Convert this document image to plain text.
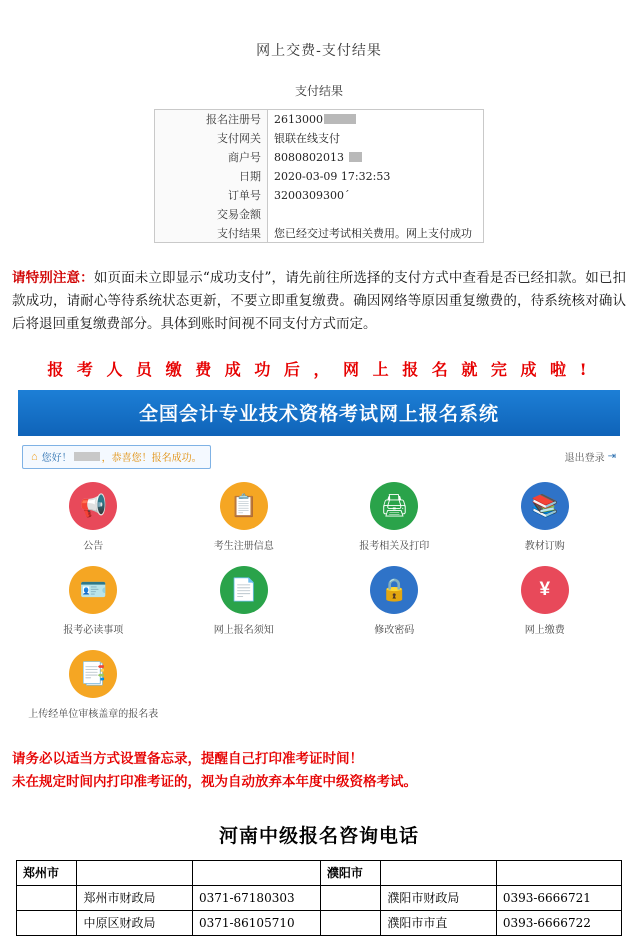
网上交费-支付结果
支付结果
报名注册号	2613000
支付网关	银联在线支付
商户号	8080802013
日期	2020-03-09 17:32:53
订单号	3200309300´
交易金额	
支付结果	您已经交过考试相关费用。网上支付成功

请特别注意：如页面未立即显示“成功支付”，请先前往所选择的支付方式中查看是否已经扣款。如已扣款成功，请耐心等待系统状态更新，不要立即重复缴费。确因网络等原因重复缴费的，待系统核对确认后将退回重复缴费部分。具体到账时间视不同支付方式而定。

报 考 人 员 缴 费 成 功 后 ， 网 上 报 名 就 完 成 啦 !
全国会计专业技术资格考试网上报名系统
⌂ 您好！	，恭喜您！报名成功。	退出登录 ⇥
📢
公告
📋
考生注册信息
🖨
报考相关及打印
📚
教材订购
🪪
报考必读事项
📄
网上报名须知
🔒
修改密码
¥
网上缴费
📑
上传经单位审核盖章的报名表
请务必以适当方式设置备忘录，提醒自己打印准考证时间！
未在规定时间内打印准考证的，视为自动放弃本年度中级资格考试。
河南中级报名咨询电话
郑州市			濮阳市		
	郑州市财政局	0371-67180303		濮阳市财政局	0393-6666721
	中原区财政局	0371-86105710		濮阳市市直	0393-6666722
